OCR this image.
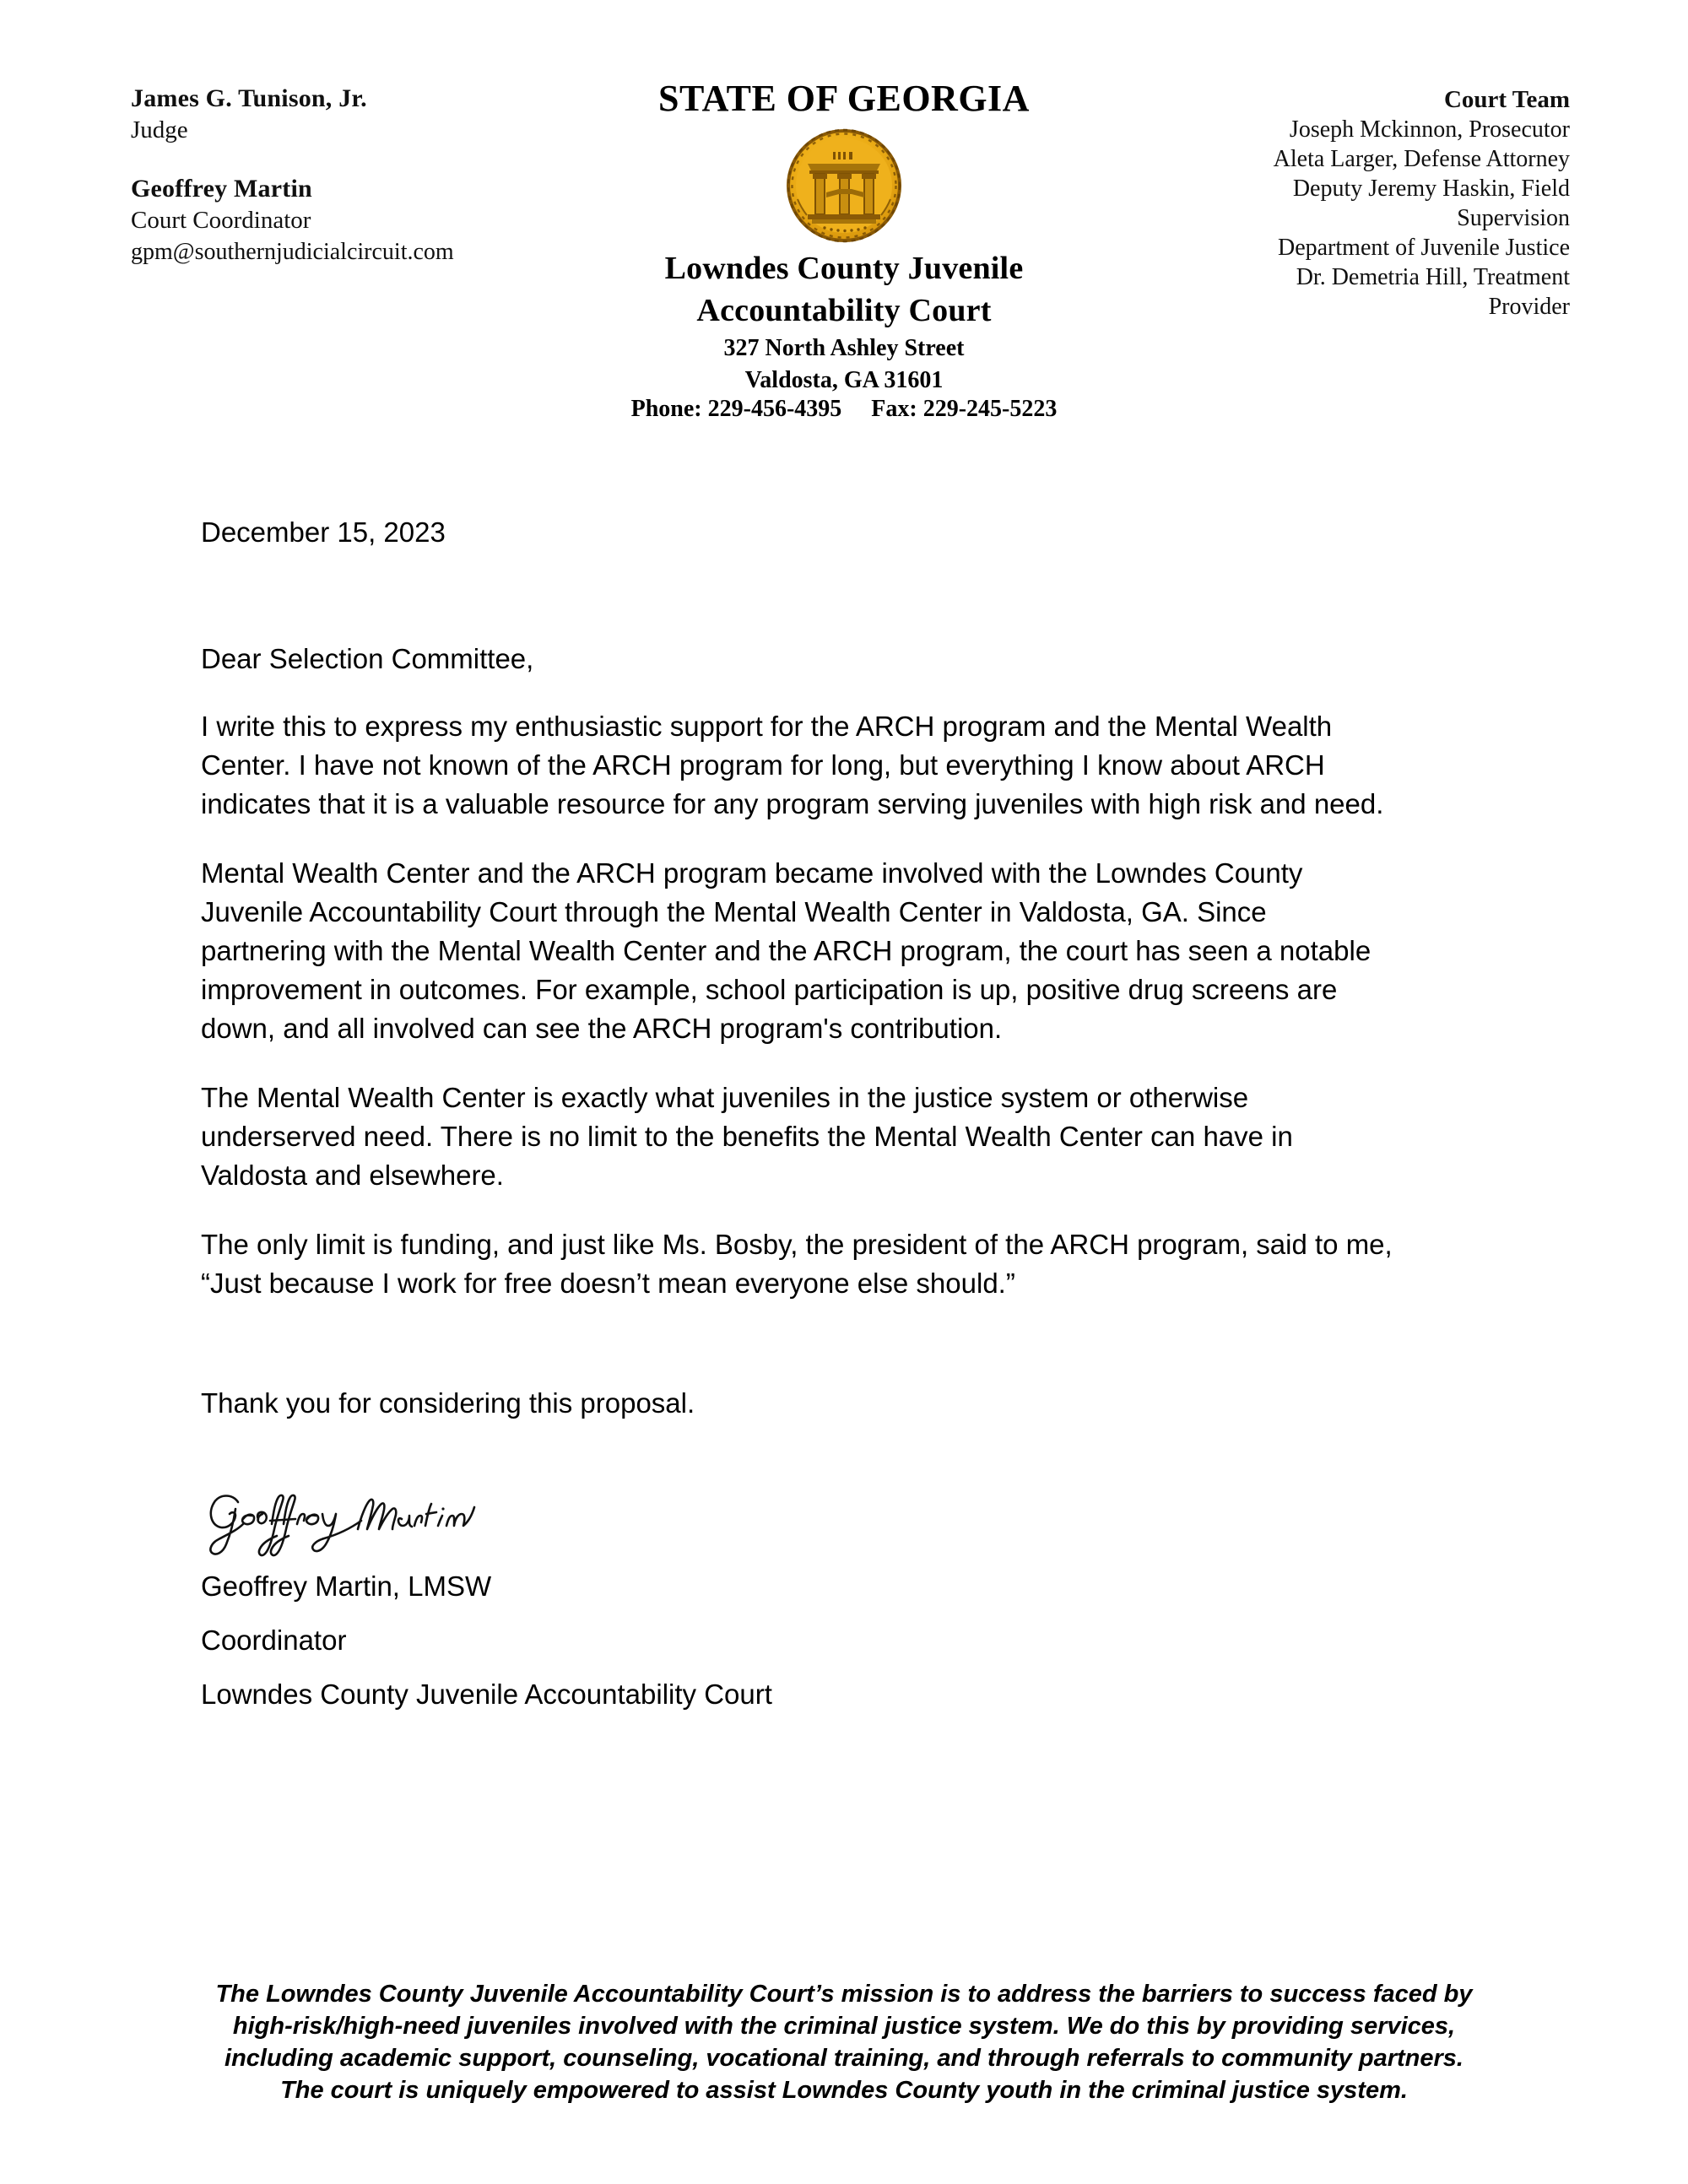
James G. Tunison, Jr.
Judge
Geoffrey Martin
Court Coordinator
gpm@southernjudicialcircuit.com
STATE OF GEORGIA
Lowndes County Juvenile
Accountability Court
327 North Ashley Street
Valdosta, GA 31601
Phone: 229-456-4395     Fax: 229-245-5223
Court Team
Joseph Mckinnon, Prosecutor
Aleta Larger, Defense Attorney
Deputy Jeremy Haskin, Field
Supervision
Department of Juvenile Justice
Dr. Demetria Hill, Treatment
Provider
December 15, 2023
Dear Selection Committee,
I write this to express my enthusiastic support for the ARCH program and the Mental Wealth Center. I have not known of the ARCH program for long, but everything I know about ARCH indicates that it is a valuable resource for any program serving juveniles with high risk and need.
Mental Wealth Center and the ARCH program became involved with the Lowndes County Juvenile Accountability Court through the Mental Wealth Center in Valdosta, GA. Since partnering with the Mental Wealth Center and the ARCH program, the court has seen a notable improvement in outcomes. For example, school participation is up, positive drug screens are down, and all involved can see the ARCH program's contribution.
The Mental Wealth Center is exactly what juveniles in the justice system or otherwise underserved need. There is no limit to the benefits the Mental Wealth Center can have in Valdosta and elsewhere.
The only limit is funding, and just like Ms. Bosby, the president of the ARCH program, said to me, “Just because I work for free doesn’t mean everyone else should.”
Thank you for considering this proposal.
Geoffrey Martin, LMSW
Coordinator
Lowndes County Juvenile Accountability Court
The Lowndes County Juvenile Accountability Court’s mission is to address the barriers to success faced by
high-risk/high-need juveniles involved with the criminal justice system. We do this by providing services,
including academic support, counseling, vocational training, and through referrals to community partners.
The court is uniquely empowered to assist Lowndes County youth in the criminal justice system.
